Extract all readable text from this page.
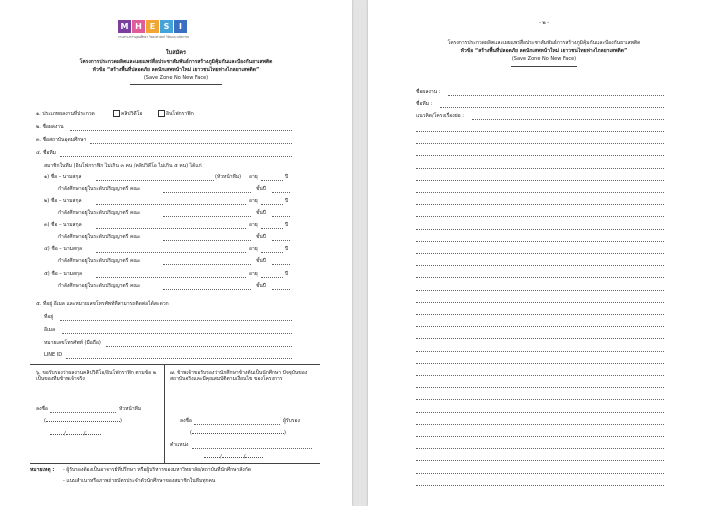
M H E	S	I
กระทรวงการอุดมศึกษา วิทยาศาสตร์ วิจัยและนวัตกรรม
ใบสมัคร
โครงการประกวดผลิตและเผยแพร่สื่อประชาสัมพันธ์การสร้างภูมิคุ้มกันและป้องกันยาเสพติด
หัวข้อ “สร้างพื้นที่ปลอดภัย ลดนักเสพหน้าใหม่ เยาวชนไทยห่างไกลยาเสพติด”
(Save Zone No New Face)
๑. ประเภทผลงานที่ประกวด	คลิปวิดีโอ	อินโฟกราฟิก
๒. ชื่อผลงาน
๓. ชื่อสถาบันอุดมศึกษา
๔. ชื่อทีม
สมาชิกในทีม (อินโฟกราฟิก ไม่เกิน ๓ คน /คลิปวิดีโอ ไม่เกิน ๕ คน) ได้แก่
๑) ชื่อ – นามสกุล	(หัวหน้าทีม) อายุ	ปี
กำลังศึกษาอยู่ในระดับปริญญาตรี คณะ	ชั้นปี
๒) ชื่อ – นามสกุล	อายุ	ปี
กำลังศึกษาอยู่ในระดับปริญญาตรี คณะ	ชั้นปี
๓) ชื่อ – นามสกุล	อายุ	ปี
กำลังศึกษาอยู่ในระดับปริญญาตรี คณะ	ชั้นปี
๔) ชื่อ – นามสกุล	อายุ	ปี
กำลังศึกษาอยู่ในระดับปริญญาตรี คณะ	ชั้นปี
๕) ชื่อ – นามสกุล	อายุ	ปี
กำลังศึกษาอยู่ในระดับปริญญาตรี คณะ	ชั้นปี
๕. ที่อยู่ อีเมล และหมายเลขโทรศัพท์ที่สามารถติดต่อได้สะดวก
ที่อยู่
อีเมล
หมายเลขโทรศัพท์ (มือถือ)
LINE ID
๖. ขอรับรองว่าผลงานคลิปวิดีโอ/อินโฟกราฟิก ตามข้อ ๒ เป็นของทีมข้าพเจ้าจริง
ลงชื่อ	หัวหน้าทีม
(	)
/	/
๗. ข้าพเจ้าขอรับรองว่านักศึกษาข้างต้นเป็นนักศึกษา ปัจจุบันของสถาบันจริงและมีคุณสมบัติตามเงื่อนไข ของโครงการ
ลงชื่อ	ผู้รับรอง
(	)
ตำแหน่ง
/	/
หมายเหตุ : - ผู้รับรองต้องเป็นอาจารย์ที่ปรึกษา หรือผู้บริหารของมหาวิทยาลัย/สถาบันที่นักศึกษาสังกัด
- แนบสำเนาหรือภาพถ่ายบัตรประจำตัวนักศึกษาของสมาชิกในทีมทุกคน
- ๒ -
โครงการประกวดผลิตและเผยแพร่สื่อประชาสัมพันธ์การสร้างภูมิคุ้มกันและป้องกันยาเสพติด
หัวข้อ “สร้างพื้นที่ปลอดภัย ลดนักเสพหน้าใหม่ เยาวชนไทยห่างไกลยาเสพติด”
(Save Zone No New Face)
ชื่อผลงาน :
ชื่อทีม :
แนวคิด/โครงเรื่องย่อ :
